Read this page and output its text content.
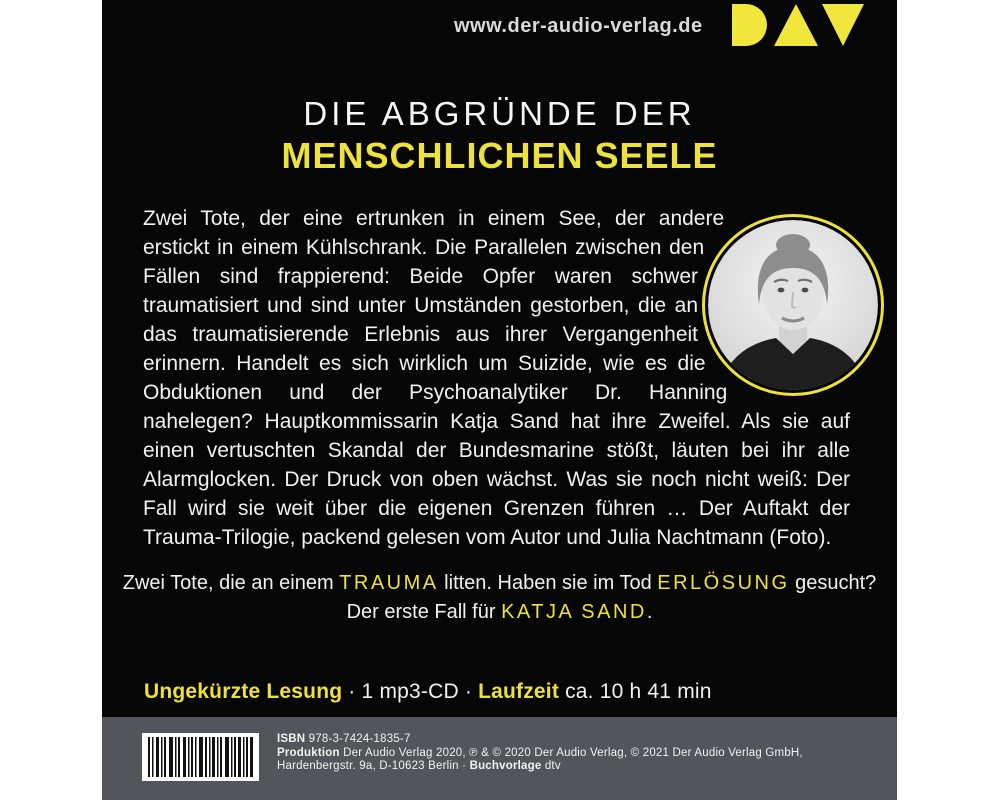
www.der-audio-verlag.de
DIE ABGRÜNDE DER
MENSCHLICHEN SEELE
Zwei Tote, der eine ertrunken in einem See, der andere erstickt in einem Kühlschrank. Die Parallelen zwischen den Fällen sind frappierend: Beide Opfer waren schwer traumatisiert und sind unter Umständen gestorben, die an das traumatisierende Erlebnis aus ihrer Vergangenheit erinnern. Handelt es sich wirklich um Suizide, wie es die Obduktionen und der Psychoanalytiker Dr. Hanning nahelegen? Hauptkommissarin Katja Sand hat ihre Zweifel. Als sie auf einen vertuschten Skandal der Bundesmarine stößt, läuten bei ihr alle Alarmglocken. Der Druck von oben wächst. Was sie noch nicht weiß: Der Fall wird sie weit über die eigenen Grenzen führen … Der Auftakt der Trauma-Trilogie, packend gelesen vom Autor und Julia Nachtmann (Foto).
Zwei Tote, die an einem TRAUMA litten. Haben sie im Tod ERLÖSUNG gesucht?
Der erste Fall für KATJA SAND.
Ungekürzte Lesung · 1 mp3-CD · Laufzeit ca. 10 h 41 min
ISBN 978-3-7424-1835-7
Produktion Der Audio Verlag 2020, ℗ & © 2020 Der Audio Verlag, © 2021 Der Audio Verlag GmbH,
Hardenbergstr. 9a, D-10623 Berlin · Buchvorlage dtv
